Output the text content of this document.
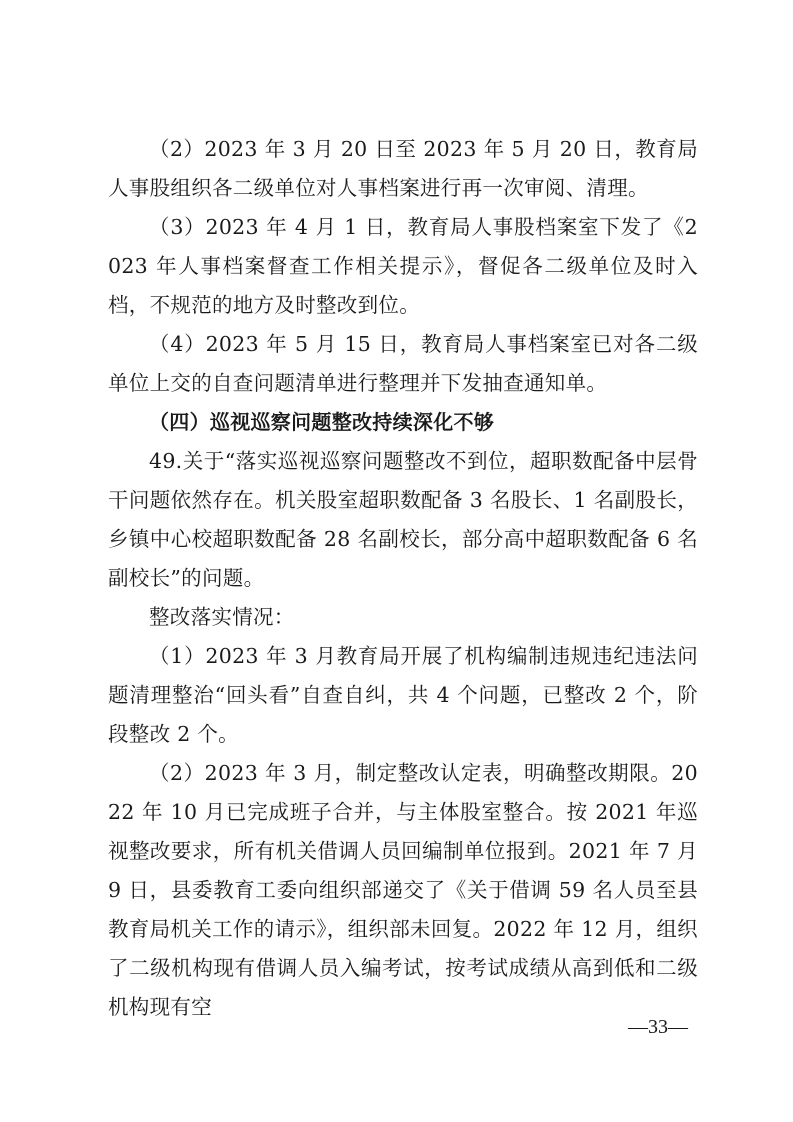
（2）2023 年 3 月 20 日至 2023 年 5 月 20 日，教育局人事股组织各二级单位对人事档案进行再一次审阅、清理。

（3）2023 年 4 月 1 日，教育局人事股档案室下发了《2023 年人事档案督查工作相关提示》，督促各二级单位及时入档，不规范的地方及时整改到位。

（4）2023 年 5 月 15 日，教育局人事档案室已对各二级单位上交的自查问题清单进行整理并下发抽查通知单。

（四）巡视巡察问题整改持续深化不够

49.关于“落实巡视巡察问题整改不到位，超职数配备中层骨干问题依然存在。机关股室超职数配备 3 名股长、1 名副股长，乡镇中心校超职数配备 28 名副校长，部分高中超职数配备 6 名副校长”的问题。

整改落实情况：

（1）2023 年 3 月教育局开展了机构编制违规违纪违法问题清理整治“回头看”自查自纠，共 4 个问题，已整改 2 个，阶段整改 2 个。

（2）2023 年 3 月，制定整改认定表，明确整改期限。2022 年 10 月已完成班子合并，与主体股室整合。按 2021 年巡视整改要求，所有机关借调人员回编制单位报到。2021 年 7 月 9 日，县委教育工委向组织部递交了《关于借调 59 名人员至县教育局机关工作的请示》，组织部未回复。2022 年 12 月，组织了二级机构现有借调人员入编考试，按考试成绩从高到低和二级机构现有空

—33—
